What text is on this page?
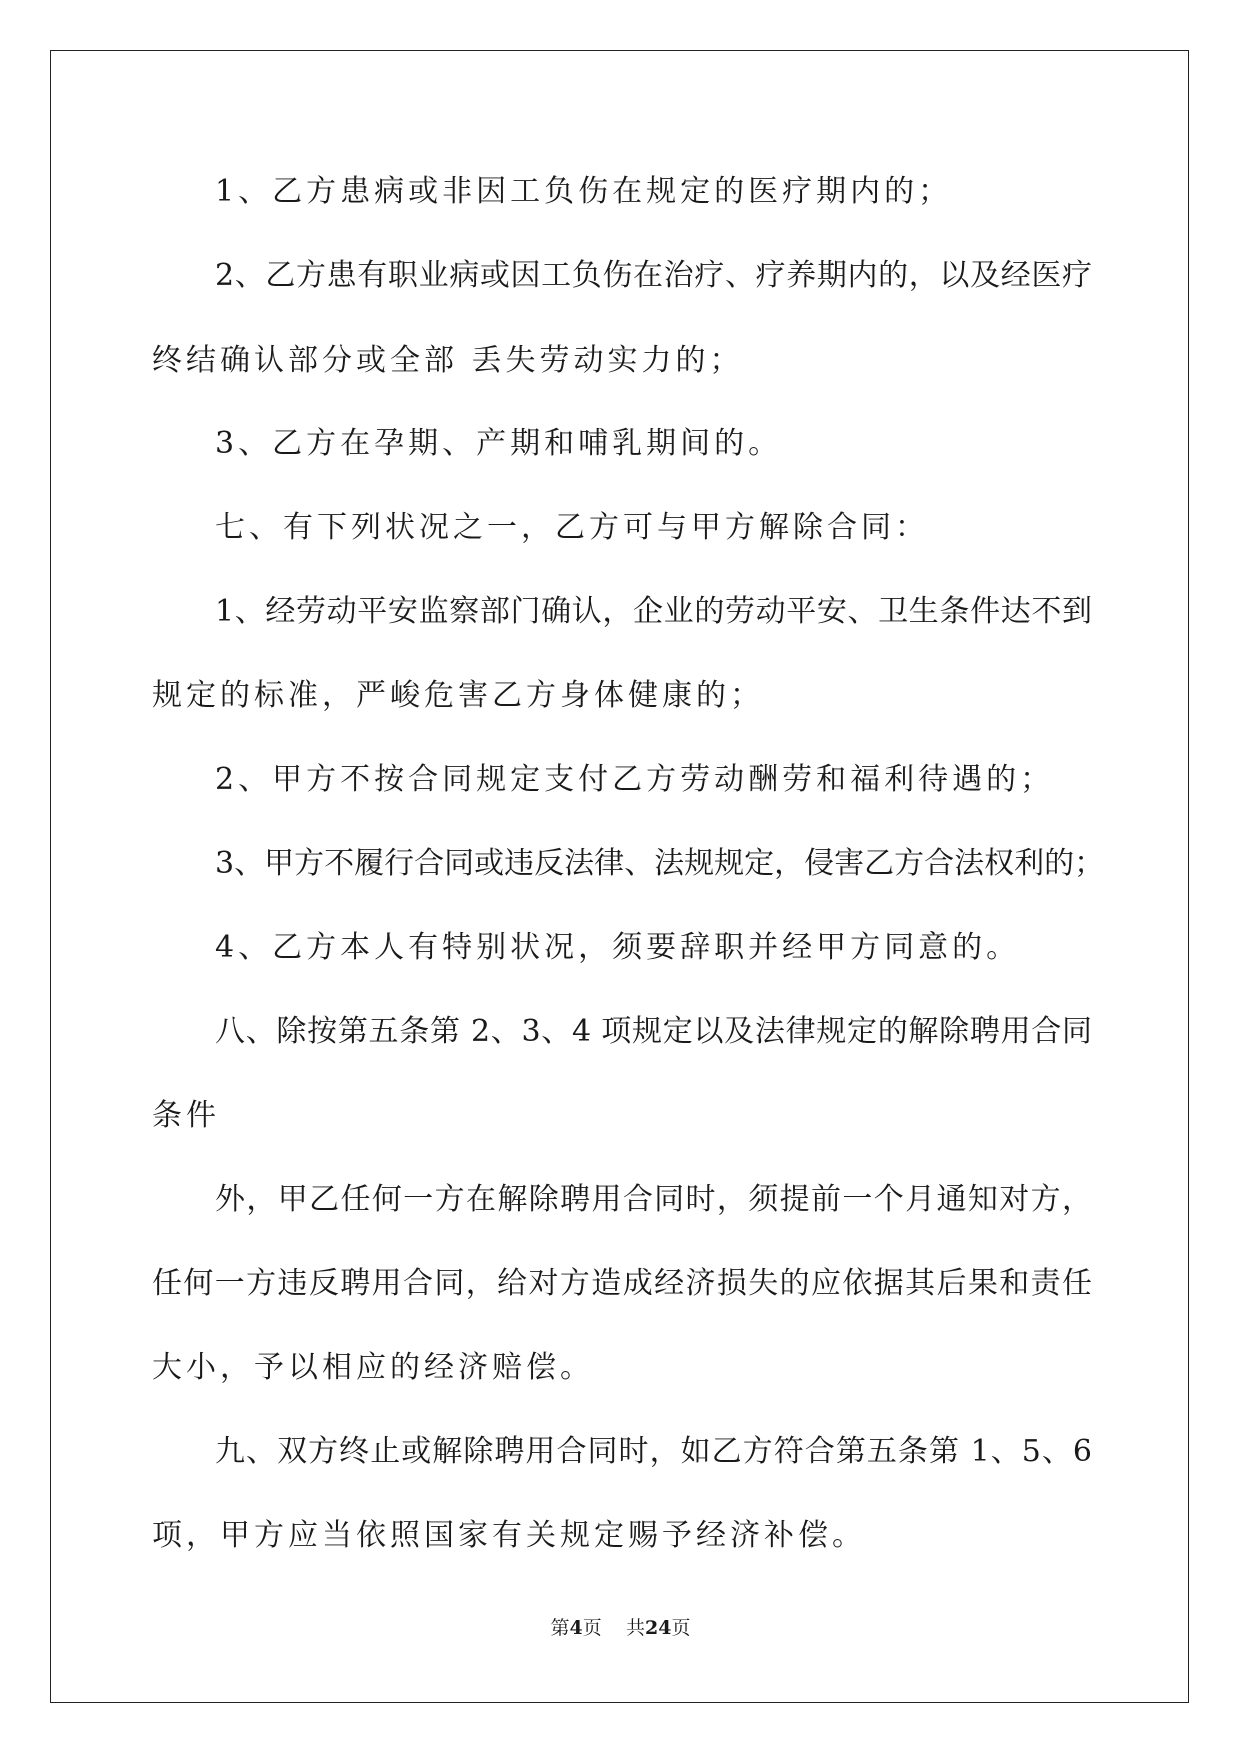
1、乙方患病或非因工负伤在规定的医疗期内的；
2、乙方患有职业病或因工负伤在治疗、疗养期内的，以及经医疗
终结确认部分或全部 丢失劳动实力的；
3、乙方在孕期、产期和哺乳期间的。
七、有下列状况之一，乙方可与甲方解除合同：
1、经劳动平安监察部门确认，企业的劳动平安、卫生条件达不到
规定的标准，严峻危害乙方身体健康的；
2、甲方不按合同规定支付乙方劳动酬劳和福利待遇的；
3、甲方不履行合同或违反法律、法规规定，侵害乙方合法权利的；
4、乙方本人有特别状况，须要辞职并经甲方同意的。
八、除按第五条第 2、3、4 项规定以及法律规定的解除聘用合同
条件
外，甲乙任何一方在解除聘用合同时，须提前一个月通知对方，
任何一方违反聘用合同，给对方造成经济损失的应依据其后果和责任
大小，予以相应的经济赔偿。
九、双方终止或解除聘用合同时，如乙方符合第五条第 1、5、6
项，甲方应当依照国家有关规定赐予经济补偿。
第4页 共24页
